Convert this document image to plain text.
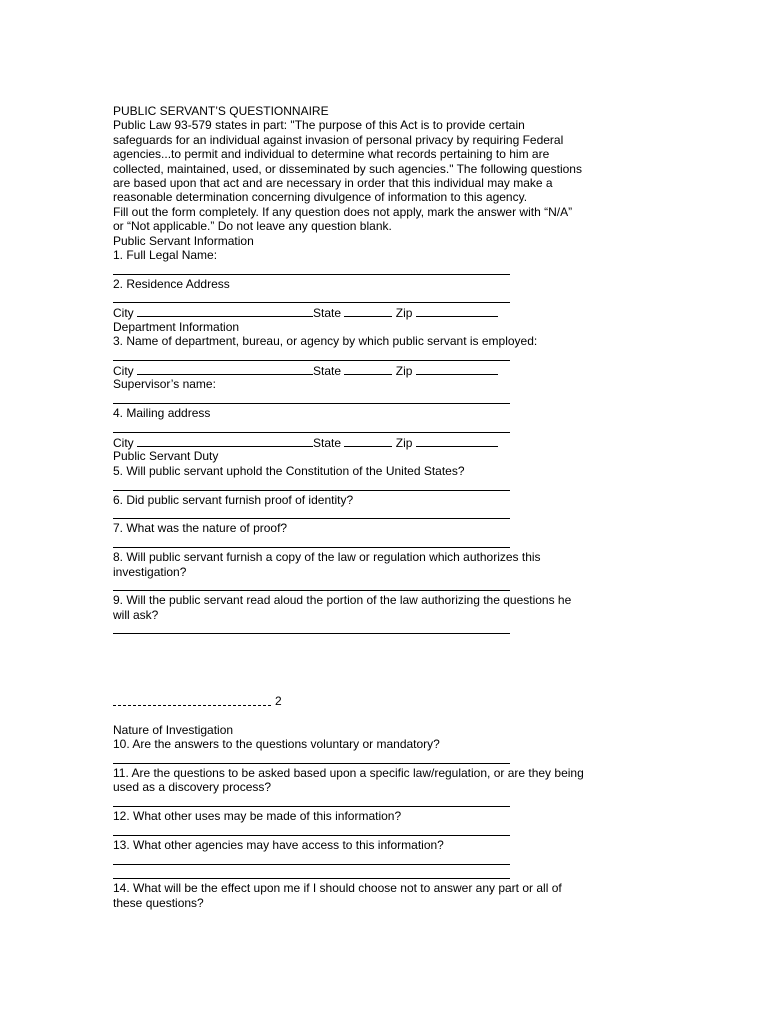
PUBLIC SERVANT’S QUESTIONNAIRE
Public Law 93-579 states in part: "The purpose of this Act is to provide certain
safeguards for an individual against invasion of personal privacy by requiring Federal
agencies...to permit and individual to determine what records pertaining to him are
collected, maintained, used, or disseminated by such agencies." The following questions
are based upon that act and are necessary in order that this individual may make a
reasonable determination concerning divulgence of information to this agency.
Fill out the form completely. If any question does not apply, mark the answer with “N/A”
or “Not applicable.” Do not leave any question blank.
Public Servant Information
1. Full Legal Name:
2. Residence Address
City	State	Zip
Department Information
3. Name of department, bureau, or agency by which public servant is employed:
City	State	Zip
Supervisor’s name:
4. Mailing address
City	State	Zip
Public Servant Duty
5. Will public servant uphold the Constitution of the United States?
6. Did public servant furnish proof of identity?
7. What was the nature of proof?
8. Will public servant furnish a copy of the law or regulation which authorizes this
investigation?
9. Will the public servant read aloud the portion of the law authorizing the questions he
will ask?
2
Nature of Investigation
10. Are the answers to the questions voluntary or mandatory?
11. Are the questions to be asked based upon a specific law/regulation, or are they being
used as a discovery process?
12. What other uses may be made of this information?
13. What other agencies may have access to this information?
14. What will be the effect upon me if I should choose not to answer any part or all of
these questions?
